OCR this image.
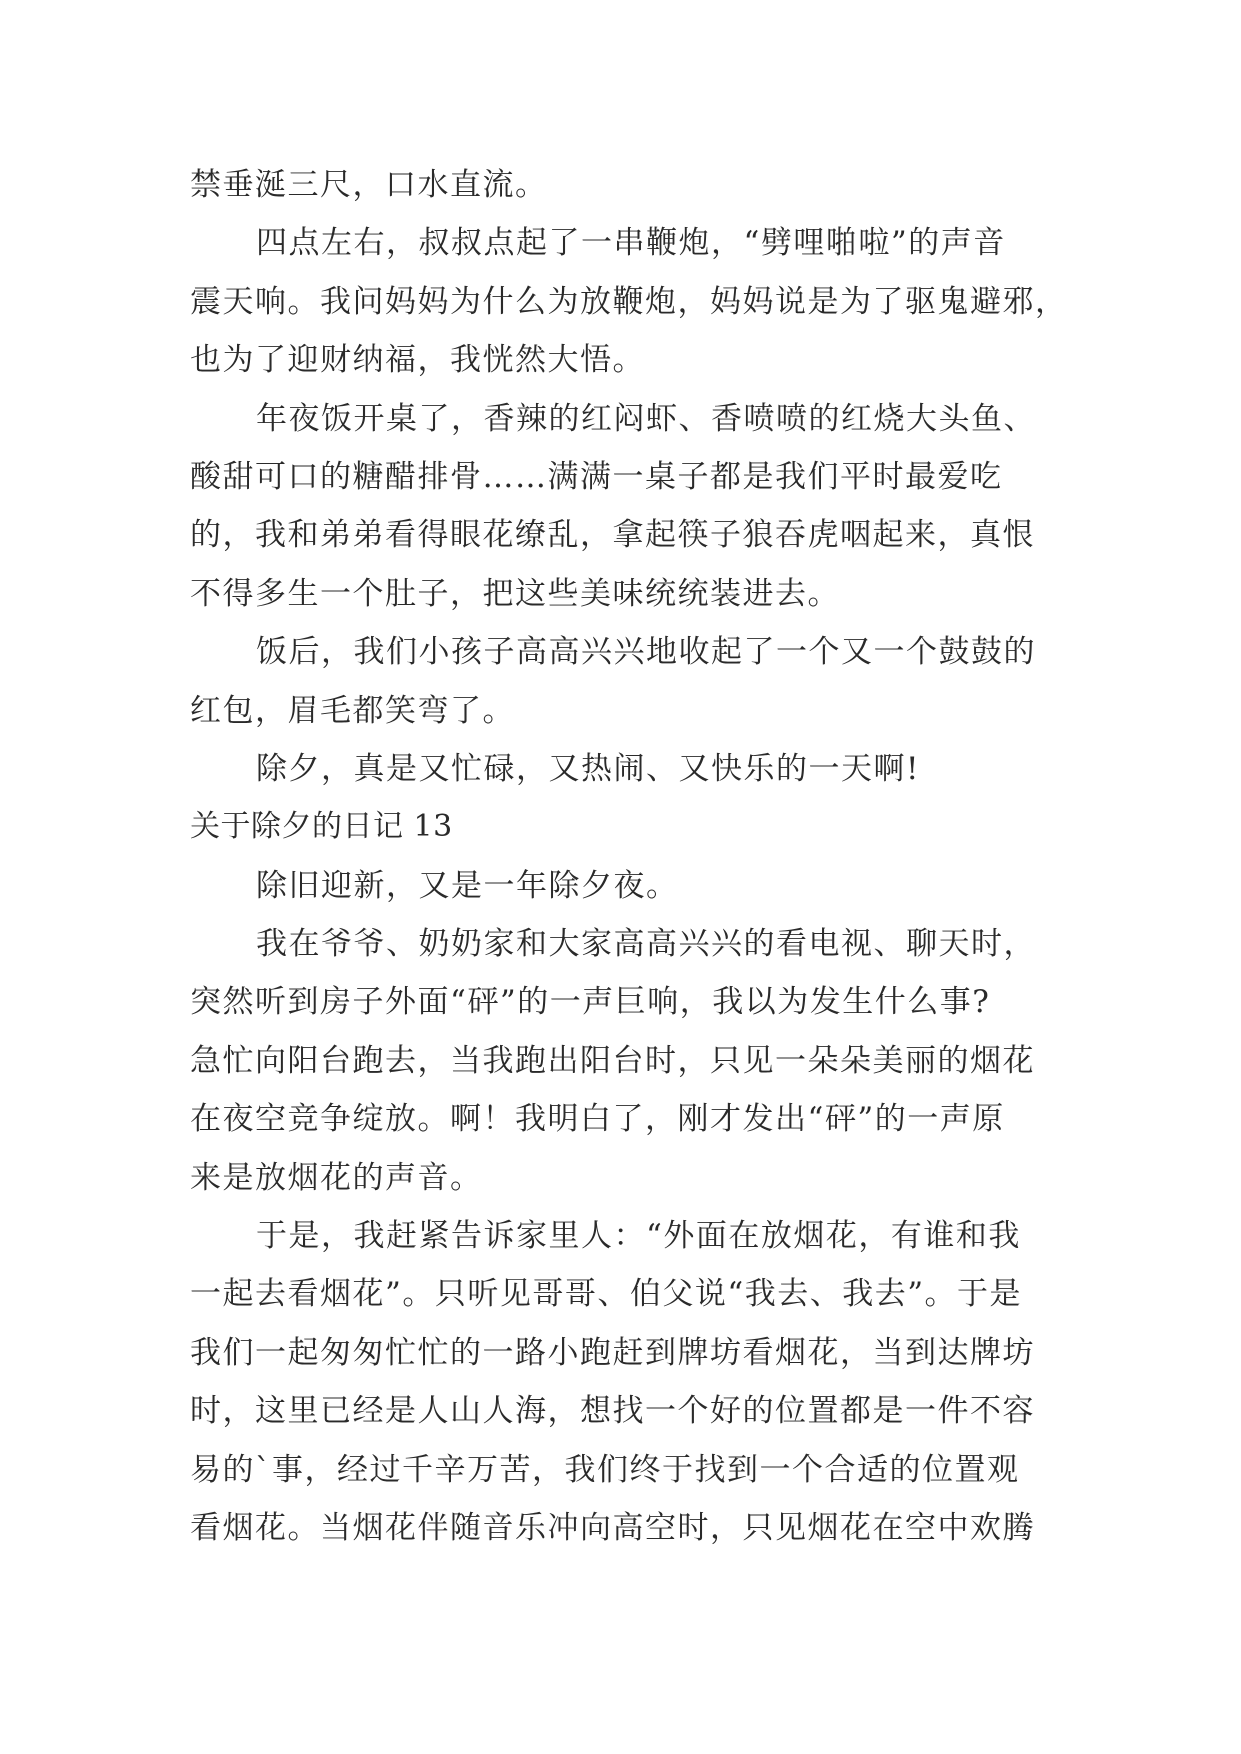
禁垂涎三尺，口水直流。
四点左右，叔叔点起了一串鞭炮，“劈哩啪啦”的声音
震天响。我问妈妈为什么为放鞭炮，妈妈说是为了驱鬼避邪，
也为了迎财纳福，我恍然大悟。
年夜饭开桌了，香辣的红闷虾、香喷喷的红烧大头鱼、
酸甜可口的糖醋排骨……满满一桌子都是我们平时最爱吃
的，我和弟弟看得眼花缭乱，拿起筷子狼吞虎咽起来，真恨
不得多生一个肚子，把这些美味统统装进去。
饭后，我们小孩子高高兴兴地收起了一个又一个鼓鼓的
红包，眉毛都笑弯了。
除夕，真是又忙碌，又热闹、又快乐的一天啊!
关于除夕的日记 13
除旧迎新，又是一年除夕夜。
我在爷爷、奶奶家和大家高高兴兴的看电视、聊天时，
突然听到房子外面“砰”的一声巨响，我以为发生什么事?
急忙向阳台跑去，当我跑出阳台时，只见一朵朵美丽的烟花
在夜空竞争绽放。啊！我明白了，刚才发出“砰”的一声原
来是放烟花的声音。
于是，我赶紧告诉家里人：“外面在放烟花，有谁和我
一起去看烟花”。只听见哥哥、伯父说“我去、我去”。于是
我们一起匆匆忙忙的一路小跑赶到牌坊看烟花，当到达牌坊
时，这里已经是人山人海，想找一个好的位置都是一件不容
易的`事，经过千辛万苦，我们终于找到一个合适的位置观
看烟花。当烟花伴随音乐冲向高空时，只见烟花在空中欢腾
